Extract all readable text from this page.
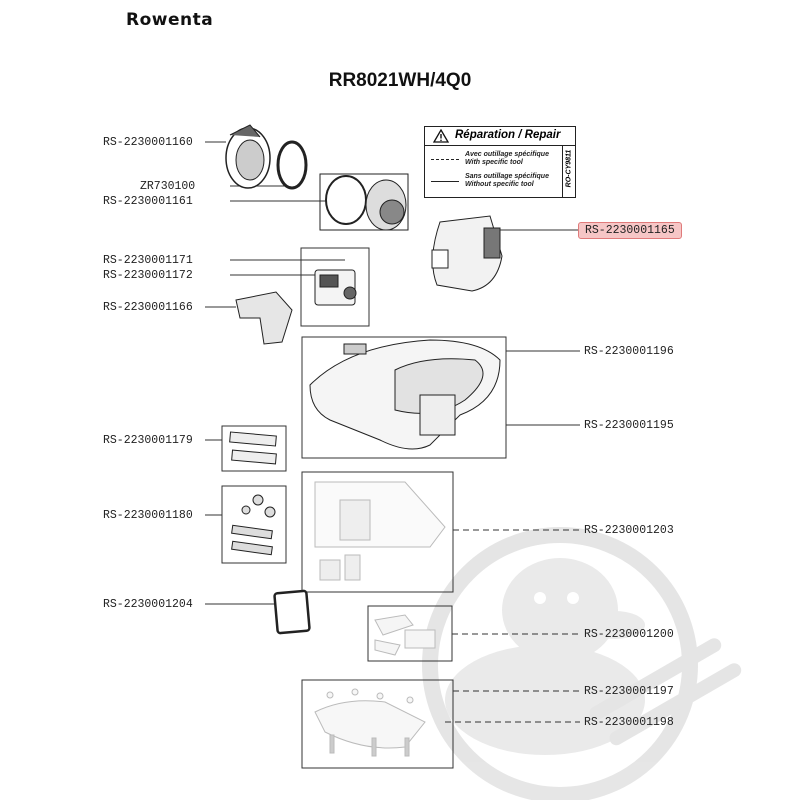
Rowenta
RR8021WH/4Q0
Réparation / Repair
Avec outillage spécifique
With specific tool
Sans outillage spécifique
Without specific tool	RO-CY9811
RS-2230001160
ZR730100
RS-2230001161
RS-2230001171
RS-2230001172
RS-2230001166
RS-2230001179
RS-2230001180
RS-2230001204
RS-2230001165
RS-2230001196
RS-2230001195
RS-2230001203
RS-2230001200
RS-2230001197
RS-2230001198
